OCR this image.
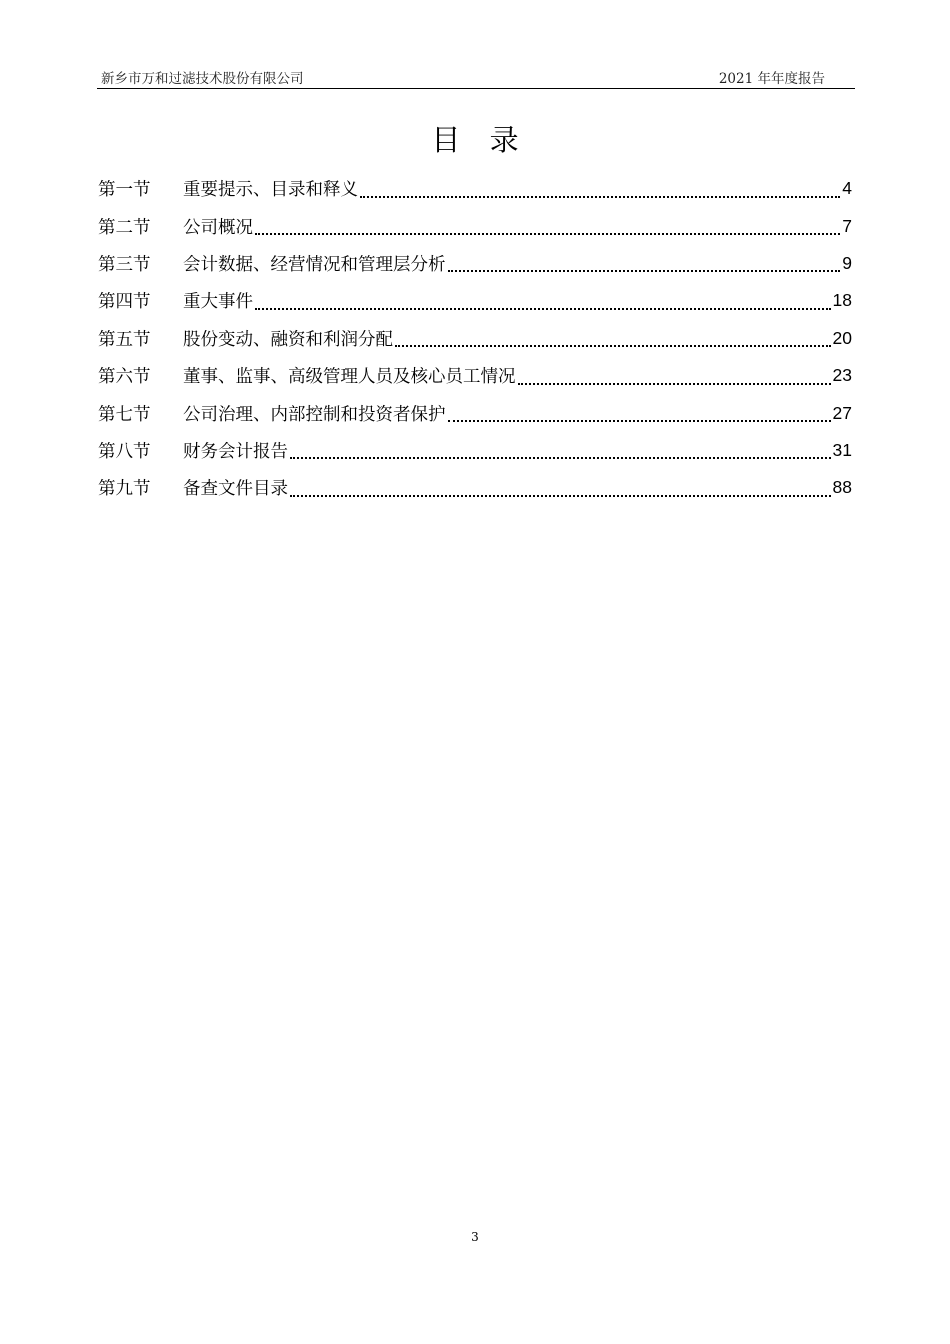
新乡市万和过滤技术股份有限公司	2021 年年度报告
目 录
第一节	重要提示、目录和释义	4
第二节	公司概况	7
第三节	会计数据、经营情况和管理层分析	9
第四节	重大事件	18
第五节	股份变动、融资和利润分配	20
第六节	董事、监事、高级管理人员及核心员工情况	23
第七节	公司治理、内部控制和投资者保护	27
第八节	财务会计报告	31
第九节	备查文件目录	88
3
